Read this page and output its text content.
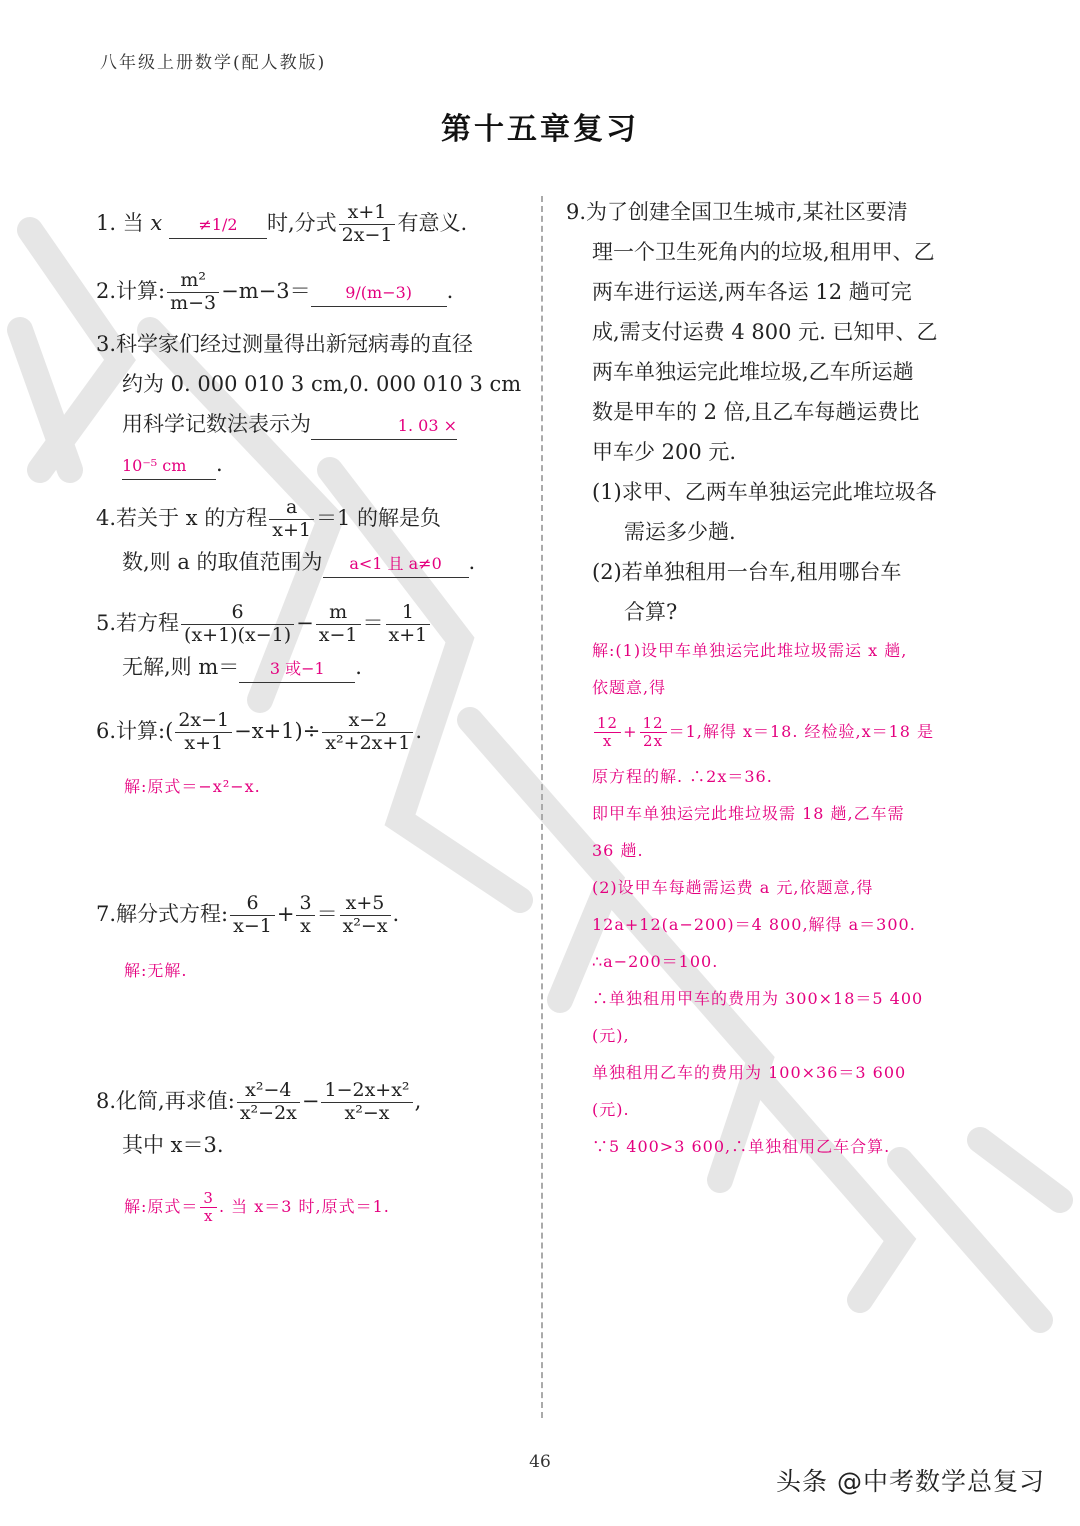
八年级上册数学(配人教版)
第十五章复习
1. 当 x ≠1/2 时,分式 $\frac{x+1}{2x-1}$ 有意义.
2.计算: $\frac{\text{m²}}{m-3} -m-3= 9/(m-3)$ .
3.科学家们经过测量得出新冠病毒的直径
约为 0. 000 010 3 cm,0. 000 010 3 cm
用科学记数法表示为	1. 03 ×
10⁻⁵ cm .
4.若关于 x 的方程 $\frac{a}{x+1} =1$ 的解是负
数,则 a 的取值范围为 a<1 且 a≠0 .
5.若方程 $\frac{6}{(x+1)(x-1)} - \frac{m}{x-1} = \frac{1}{x+1}$

无解,则 m＝ 3 或−1 .
6.计算:( $\frac{2x-1}{x+1} -x+1)\div \frac{x-2}{\text{x²+2x+1}}$ .
解:原式＝−x²−x.
7.解分式方程: $\frac{6}{x-1} + \frac{3}{x} = \frac{x+5}{\text{x²−x}}$ .
解:无解.
8.化简,再求值: $\frac{\text{x²−4}}{\text{x²−2x}} - \frac{\text{1−2x+x²}}{\text{x²−x}}$ ,
其中 x＝3.
解:原式＝ $\frac{3}{x}$ . 当 x＝3 时,原式＝1.
9.为了创建全国卫生城市,某社区要清
理一个卫生死角内的垃圾,租用甲、乙
两车进行运送,两车各运 12 趟可完
成,需支付运费 4 800 元. 已知甲、乙
两车单独运完此堆垃圾,乙车所运趟
数是甲车的 2 倍,且乙车每趟运费比
甲车少 200 元.
(1)求甲、乙两车单独运完此堆垃圾各
需运多少趟.
(2)若单独租用一台车,租用哪台车
合算?
解:(1)设甲车单独运完此堆垃圾需运 x 趟,
依题意,得
$\frac{12}{x} + \frac{12}{2x} =1$,解得 x＝18. 经检验,x＝18 是
原方程的解. ∴2x＝36.
即甲车单独运完此堆垃圾需 18 趟,乙车需
36 趟.
(2)设甲车每趟需运费 a 元,依题意,得
12a+12(a−200)＝4 800,解得 a＝300.
∴a−200＝100.
∴单独租用甲车的费用为 300×18＝5 400
(元),
单独租用乙车的费用为 100×36＝3 600
(元).
∵5 400>3 600,∴单独租用乙车合算.
46
头条 @中考数学总复习
